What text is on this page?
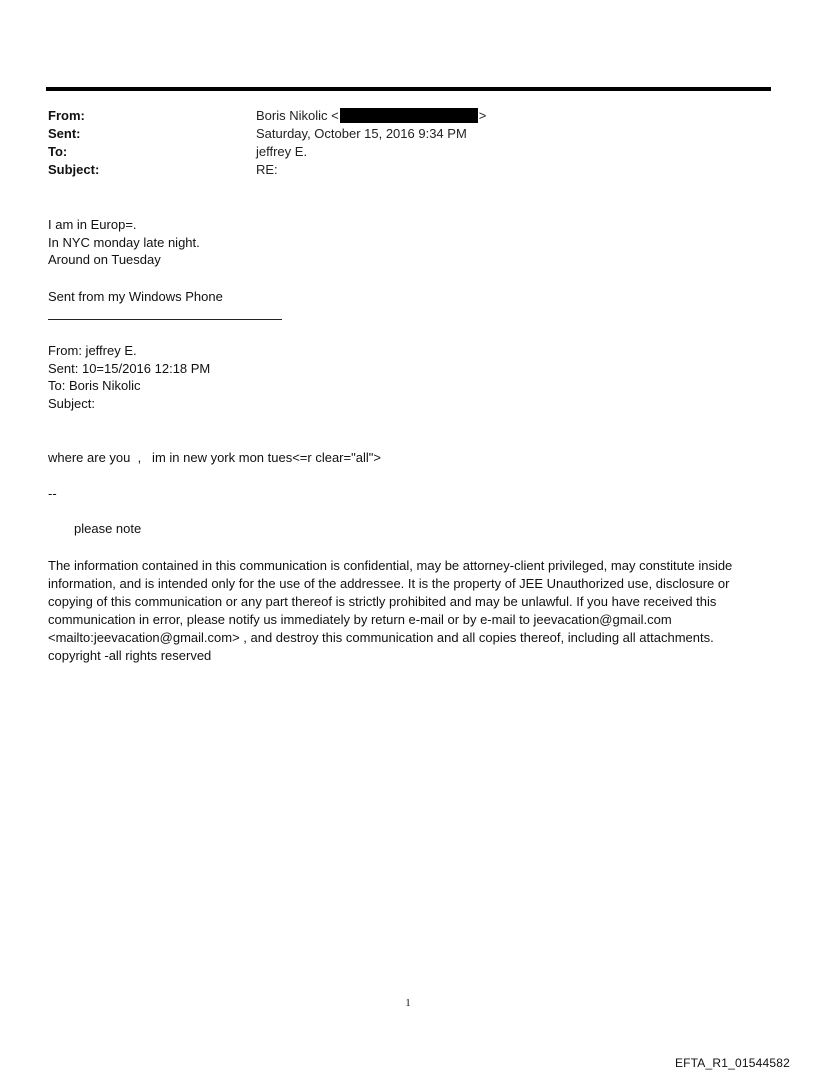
From:	Boris Nikolic <	>
Sent:	Saturday, October 15, 2016 9:34 PM
To:	jeffrey E.
Subject:	RE:
I am in Europ=.
In NYC monday late night.
Around on Tuesday
Sent from my Windows Phone
From: jeffrey E.
Sent: 10=15/2016 12:18 PM
To: Boris Nikolic
Subject:
where are you  ,   im in new york mon tues<=r clear="all">
--
please note
The information contained in this communication is confidential, may be attorney-client privileged, may constitute inside information, and is intended only for the use of the addressee. It is the property of JEE Unauthorized use, disclosure or copying of this communication or any part thereof is strictly prohibited and may be unlawful. If you have received this communication in error, please notify us immediately by return e-mail or by e-mail to jeevacation@gmail.com <mailto:jeevacation@gmail.com> , and destroy this communication and all copies thereof, including all attachments. copyright -all rights reserved
1
EFTA_R1_01544582
